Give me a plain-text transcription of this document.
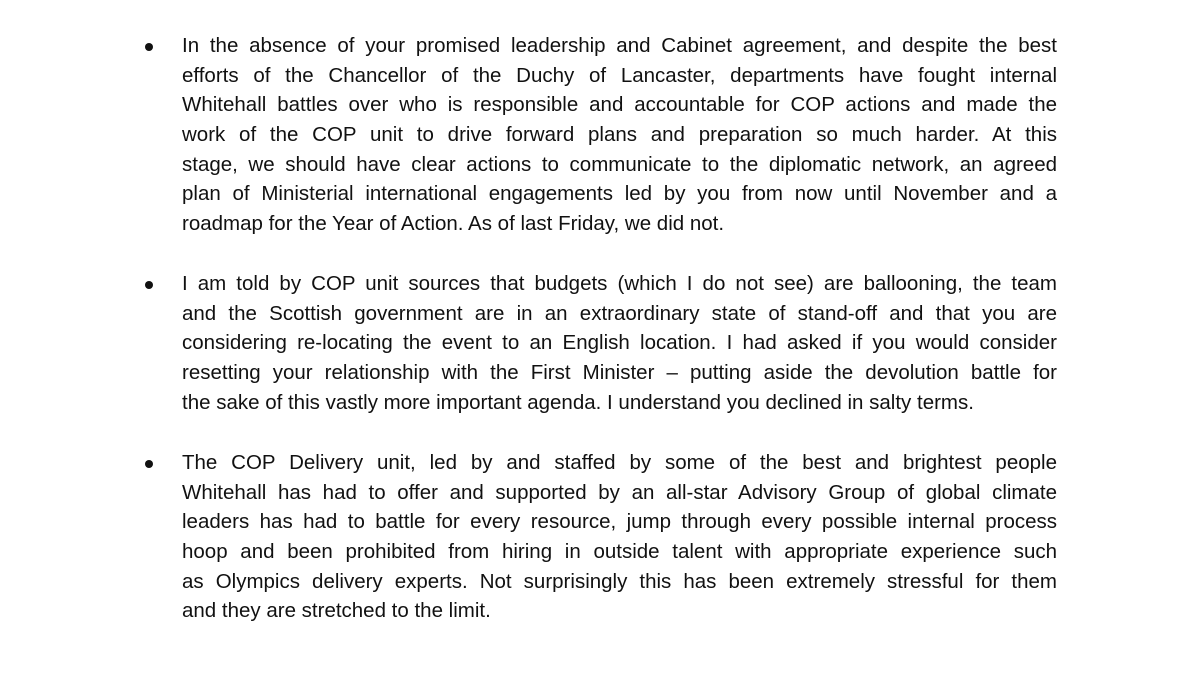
In the absence of your promised leadership and Cabinet agreement, and despite the best
efforts of the Chancellor of the Duchy of Lancaster, departments have fought internal
Whitehall battles over who is responsible and accountable for COP actions and made the
work of the COP unit to drive forward plans and preparation so much harder. At this
stage, we should have clear actions to communicate to the diplomatic network, an agreed
plan of Ministerial international engagements led by you from now until November and a
roadmap for the Year of Action. As of last Friday, we did not.

I am told by COP unit sources that budgets (which I do not see) are ballooning, the team
and the Scottish government are in an extraordinary state of stand-off and that you are
considering re-locating the event to an English location. I had asked if you would consider
resetting your relationship with the First Minister – putting aside the devolution battle for
the sake of this vastly more important agenda. I understand you declined in salty terms.

The COP Delivery unit, led by and staffed by some of the best and brightest people
Whitehall has had to offer and supported by an all-star Advisory Group of global climate
leaders has had to battle for every resource, jump through every possible internal process
hoop and been prohibited from hiring in outside talent with appropriate experience such
as Olympics delivery experts. Not surprisingly this has been extremely stressful for them
and they are stretched to the limit.
